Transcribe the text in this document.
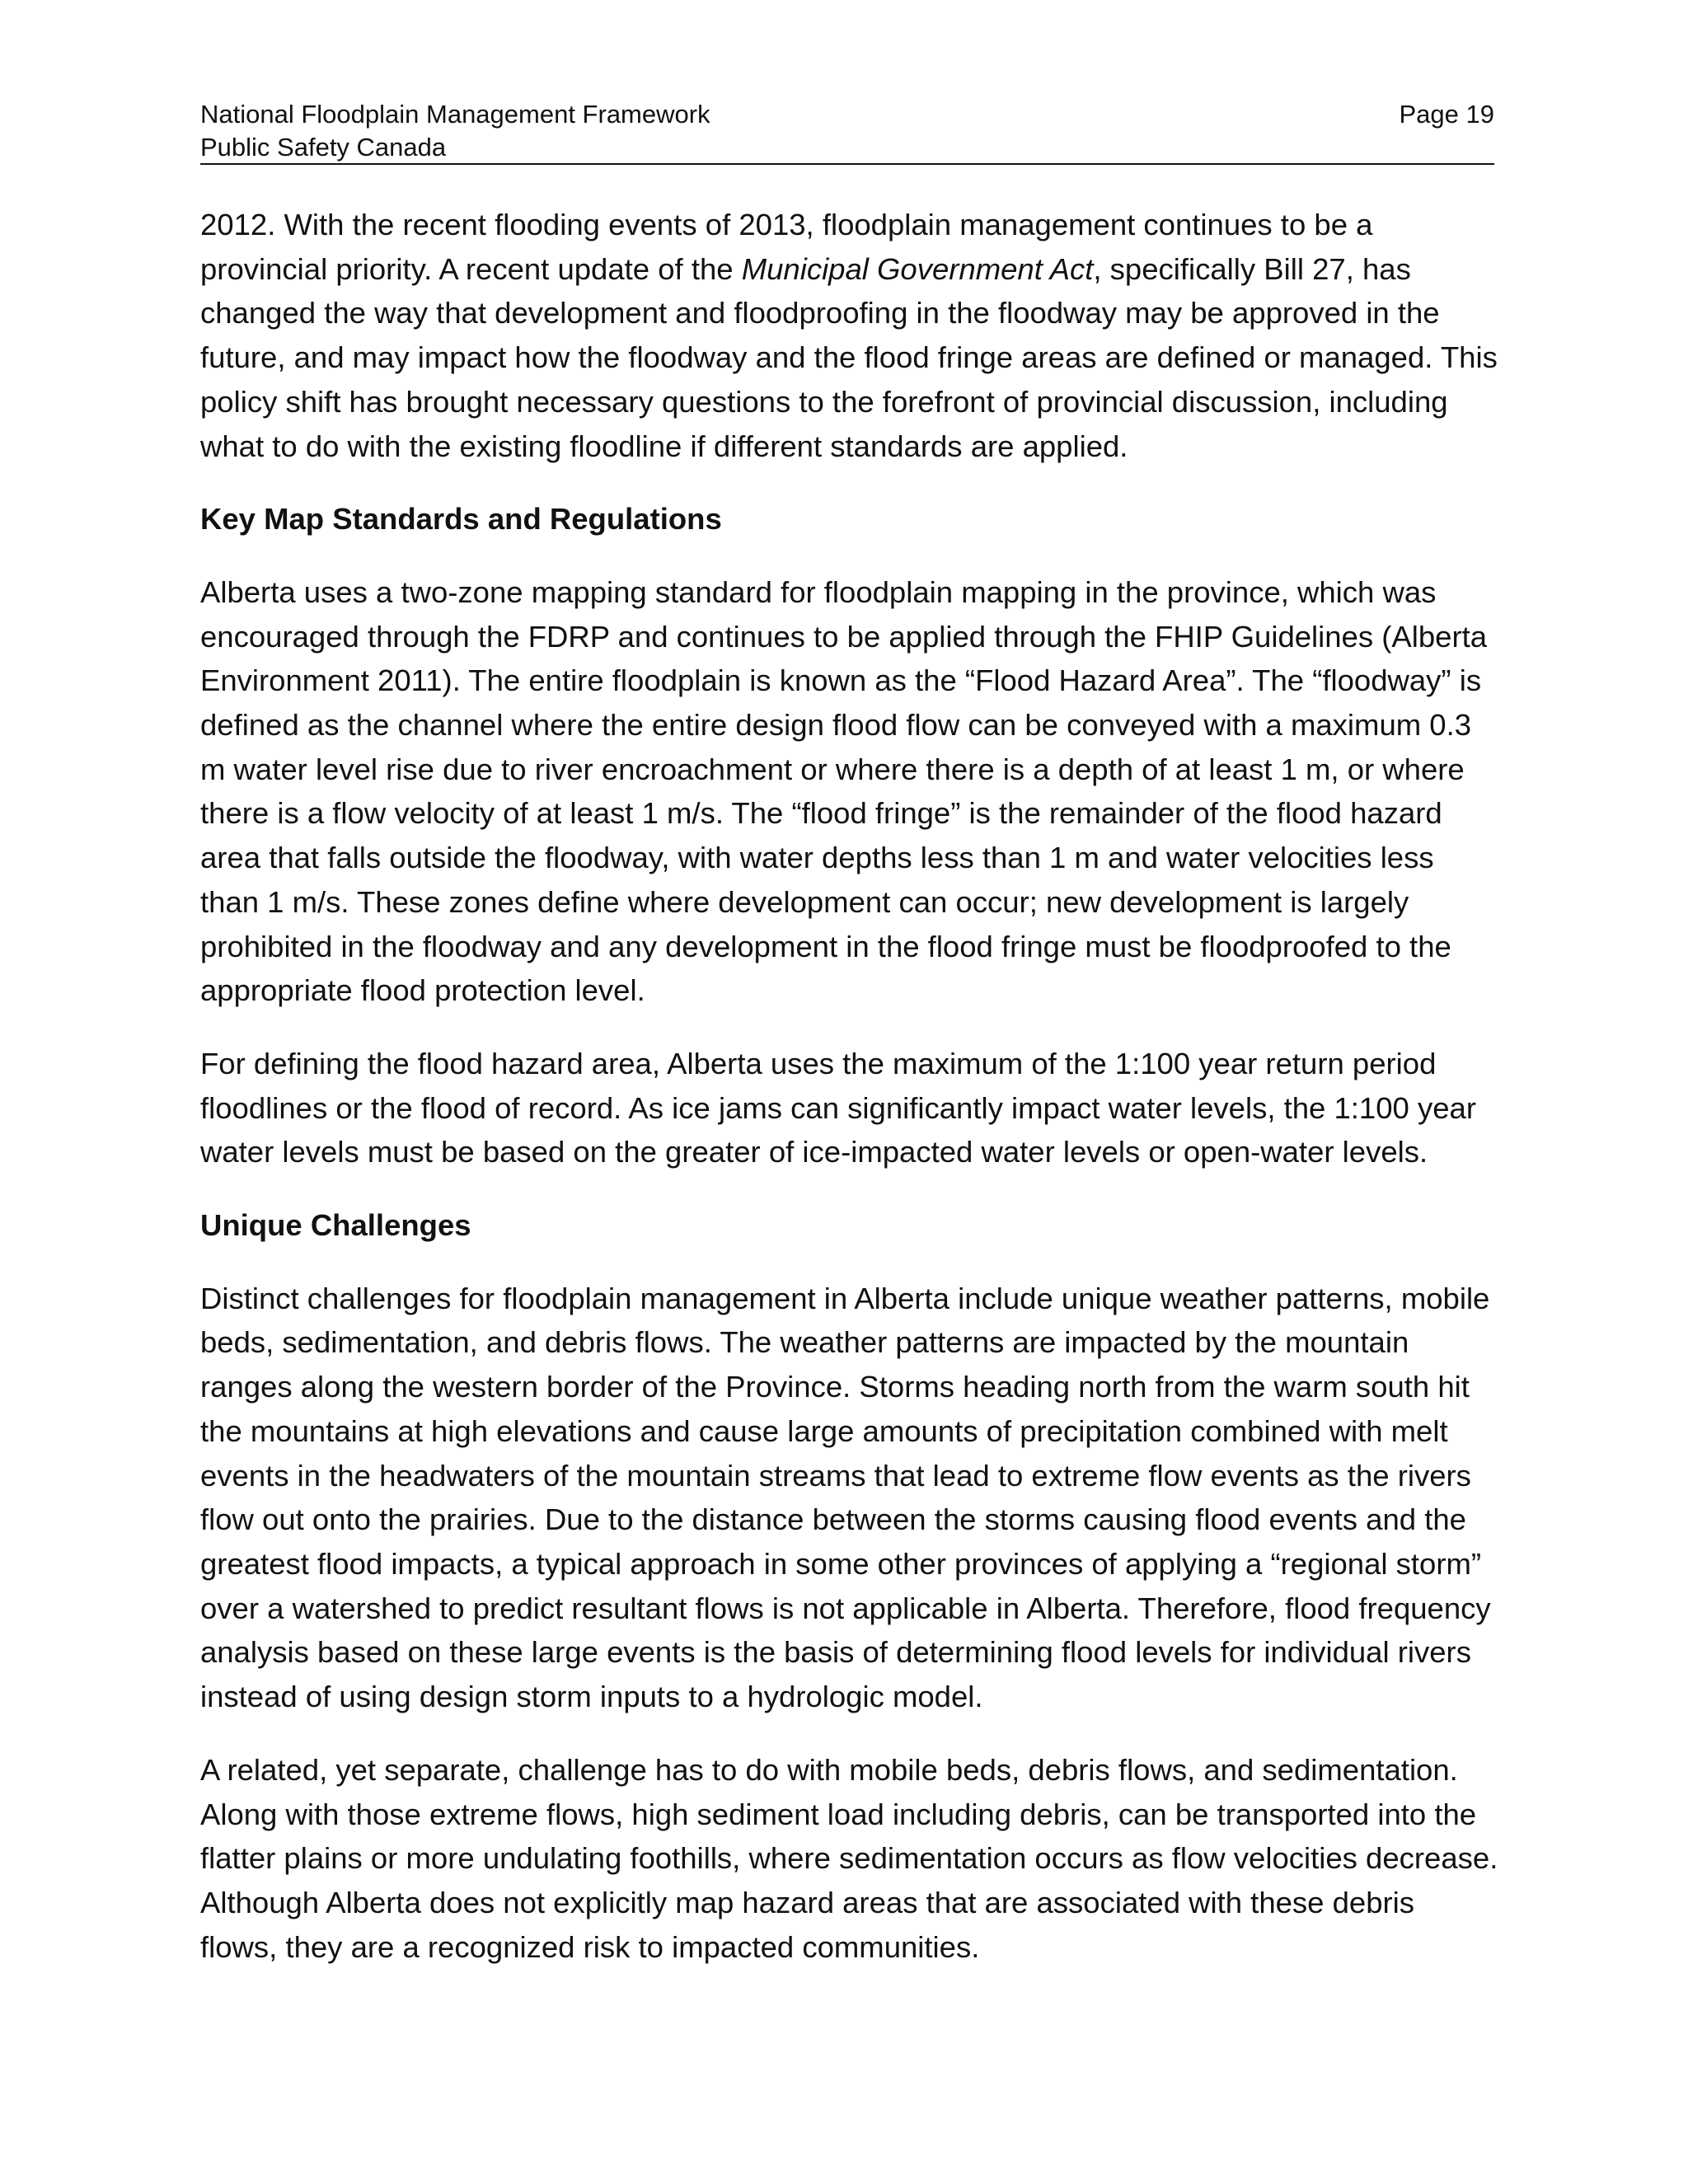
National Floodplain Management Framework
Public Safety Canada
Page 19

2012. With the recent flooding events of 2013, floodplain management continues to be a provincial priority. A recent update of the Municipal Government Act, specifically Bill 27, has changed the way that development and floodproofing in the floodway may be approved in the future, and may impact how the floodway and the flood fringe areas are defined or managed. This policy shift has brought necessary questions to the forefront of provincial discussion, including what to do with the existing floodline if different standards are applied.

Key Map Standards and Regulations

Alberta uses a two-zone mapping standard for floodplain mapping in the province, which was encouraged through the FDRP and continues to be applied through the FHIP Guidelines (Alberta Environment 2011). The entire floodplain is known as the “Flood Hazard Area”. The “floodway” is defined as the channel where the entire design flood flow can be conveyed with a maximum 0.3 m water level rise due to river encroachment or where there is a depth of at least 1 m, or where there is a flow velocity of at least 1 m/s. The “flood fringe” is the remainder of the flood hazard area that falls outside the floodway, with water depths less than 1 m and water velocities less than 1 m/s. These zones define where development can occur; new development is largely prohibited in the floodway and any development in the flood fringe must be floodproofed to the appropriate flood protection level.

For defining the flood hazard area, Alberta uses the maximum of the 1:100 year return period floodlines or the flood of record. As ice jams can significantly impact water levels, the 1:100 year water levels must be based on the greater of ice-impacted water levels or open-water levels.

Unique Challenges

Distinct challenges for floodplain management in Alberta include unique weather patterns, mobile beds, sedimentation, and debris flows. The weather patterns are impacted by the mountain ranges along the western border of the Province. Storms heading north from the warm south hit the mountains at high elevations and cause large amounts of precipitation combined with melt events in the headwaters of the mountain streams that lead to extreme flow events as the rivers flow out onto the prairies. Due to the distance between the storms causing flood events and the greatest flood impacts, a typical approach in some other provinces of applying a “regional storm” over a watershed to predict resultant flows is not applicable in Alberta. Therefore, flood frequency analysis based on these large events is the basis of determining flood levels for individual rivers instead of using design storm inputs to a hydrologic model.

A related, yet separate, challenge has to do with mobile beds, debris flows, and sedimentation. Along with those extreme flows, high sediment load including debris, can be transported into the flatter plains or more undulating foothills, where sedimentation occurs as flow velocities decrease. Although Alberta does not explicitly map hazard areas that are associated with these debris flows, they are a recognized risk to impacted communities.
